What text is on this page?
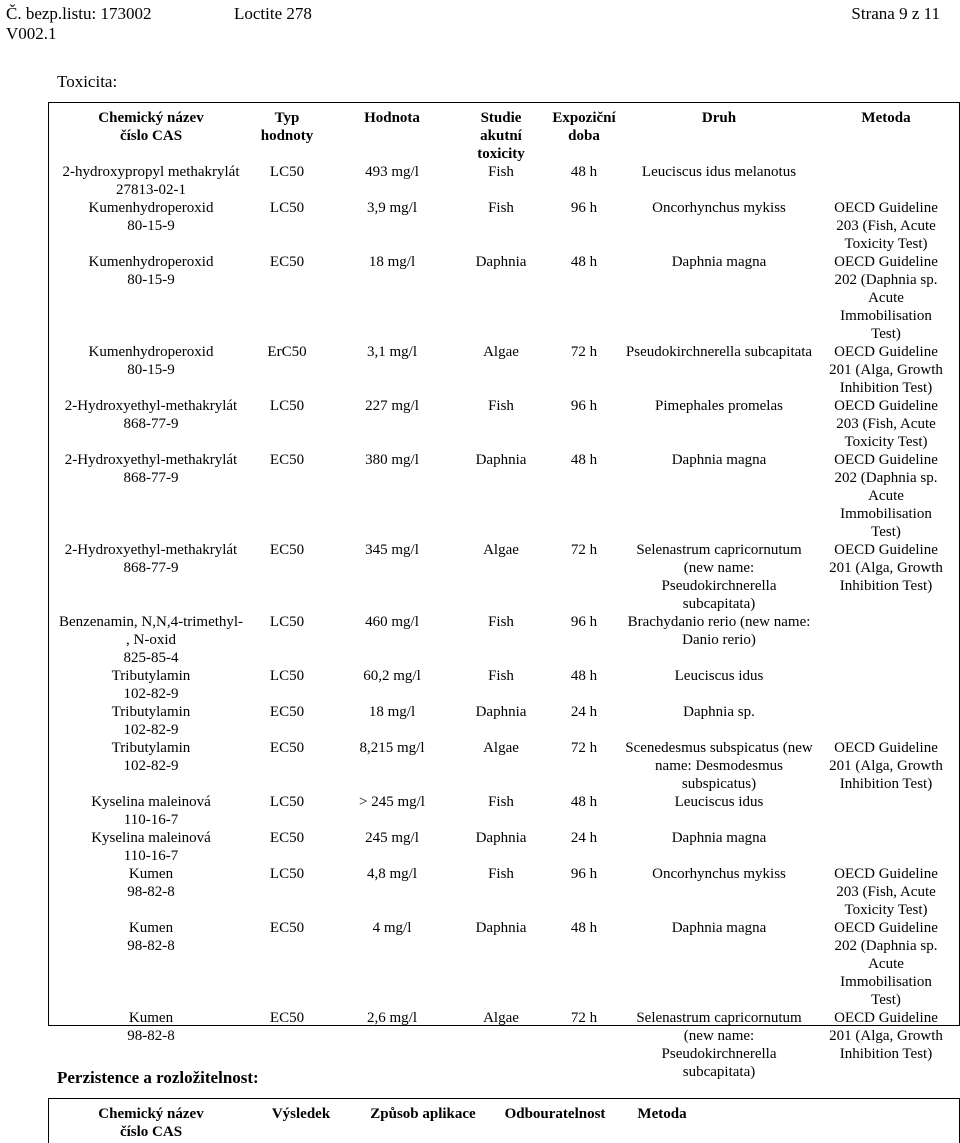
Č. bezp.listu: 173002	Loctite 278	Strana 9 z 11
V002.1
Toxicita:
Chemický název
číslo CAS	Typ
hodnoty	Hodnota	Studie
akutní
toxicity	Expoziční
doba	Druh	Metoda
2-hydroxypropyl methakrylát
27813-02-1	LC50	493 mg/l	Fish	48 h	Leuciscus idus melanotus	
Kumenhydroperoxid
80-15-9	LC50	3,9 mg/l	Fish	96 h	Oncorhynchus mykiss	OECD Guideline
203 (Fish, Acute
Toxicity Test)
Kumenhydroperoxid
80-15-9	EC50	18 mg/l	Daphnia	48 h	Daphnia magna	OECD Guideline
202 (Daphnia sp.
Acute
Immobilisation
Test)
Kumenhydroperoxid
80-15-9	ErC50	3,1 mg/l	Algae	72 h	Pseudokirchnerella subcapitata	OECD Guideline
201 (Alga, Growth
Inhibition Test)
2-Hydroxyethyl-methakrylát
868-77-9	LC50	227 mg/l	Fish	96 h	Pimephales promelas	OECD Guideline
203 (Fish, Acute
Toxicity Test)
2-Hydroxyethyl-methakrylát
868-77-9	EC50	380 mg/l	Daphnia	48 h	Daphnia magna	OECD Guideline
202 (Daphnia sp.
Acute
Immobilisation
Test)
2-Hydroxyethyl-methakrylát
868-77-9	EC50	345 mg/l	Algae	72 h	Selenastrum capricornutum
(new name: Pseudokirchnerella
subcapitata)	OECD Guideline
201 (Alga, Growth
Inhibition Test)
Benzenamin, N,N,4-trimethyl-
, N-oxid
825-85-4	LC50	460 mg/l	Fish	96 h	Brachydanio rerio (new name:
Danio rerio)	
Tributylamin
102-82-9	LC50	60,2 mg/l	Fish	48 h	Leuciscus idus	
Tributylamin
102-82-9	EC50	18 mg/l	Daphnia	24 h	Daphnia sp.	
Tributylamin
102-82-9	EC50	8,215 mg/l	Algae	72 h	Scenedesmus subspicatus (new
name: Desmodesmus
subspicatus)	OECD Guideline
201 (Alga, Growth
Inhibition Test)
Kyselina maleinová
110-16-7	LC50	> 245 mg/l	Fish	48 h	Leuciscus idus	
Kyselina maleinová
110-16-7	EC50	245 mg/l	Daphnia	24 h	Daphnia magna	
Kumen
98-82-8	LC50	4,8 mg/l	Fish	96 h	Oncorhynchus mykiss	OECD Guideline
203 (Fish, Acute
Toxicity Test)
Kumen
98-82-8	EC50	4 mg/l	Daphnia	48 h	Daphnia magna	OECD Guideline
202 (Daphnia sp.
Acute
Immobilisation
Test)
Kumen
98-82-8	EC50	2,6 mg/l	Algae	72 h	Selenastrum capricornutum
(new name: Pseudokirchnerella
subcapitata)	OECD Guideline
201 (Alga, Growth
Inhibition Test)
Perzistence a rozložitelnost:
Chemický název
číslo CAS	Výsledek	Způsob aplikace	Odbouratelnost	Metoda	
